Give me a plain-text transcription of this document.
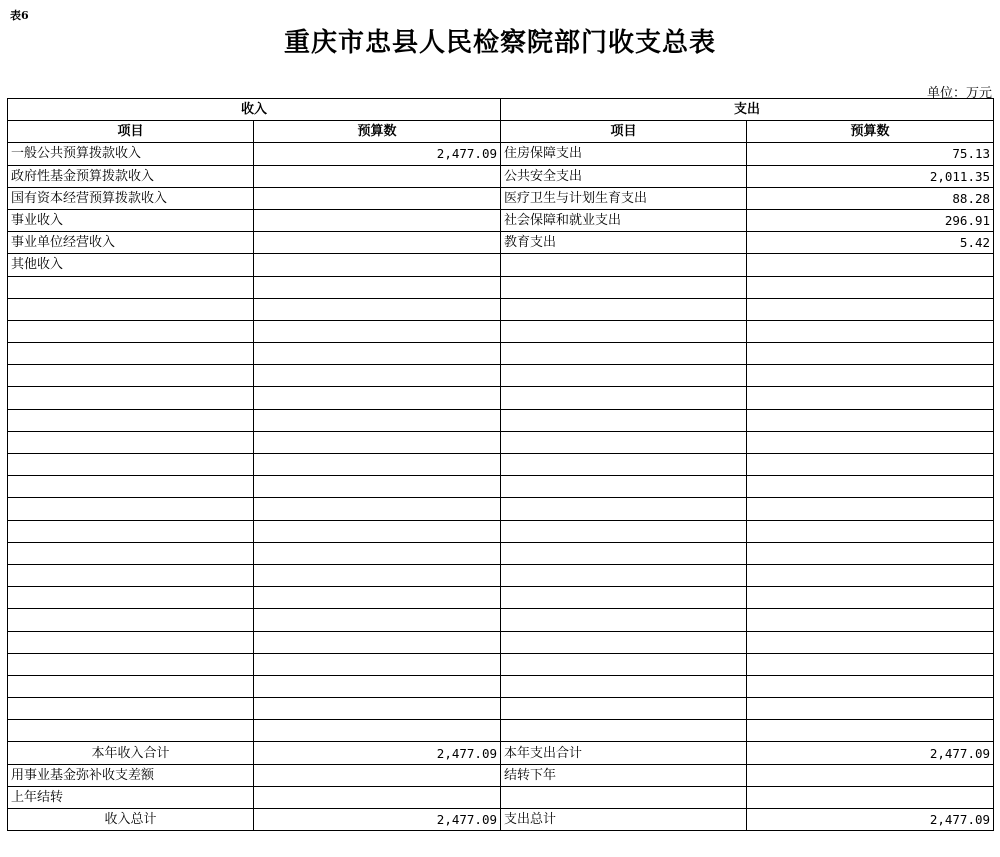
表6
重庆市忠县人民检察院部门收支总表
单位：万元
收入		支出	
项目	预算数	项目	预算数
一般公共预算拨款收入	2,477.09	住房保障支出	75.13
政府性基金预算拨款收入		公共安全支出	2,011.35
国有资本经营预算拨款收入		医疗卫生与计划生育支出	88.28
事业收入		社会保障和就业支出	296.91
事业单位经营收入		教育支出	5.42
其他收入			

本年收入合计	2,477.09	本年支出合计	2,477.09
用事业基金弥补收支差额		结转下年	
上年结转			
收入总计	2,477.09	支出总计	2,477.09
